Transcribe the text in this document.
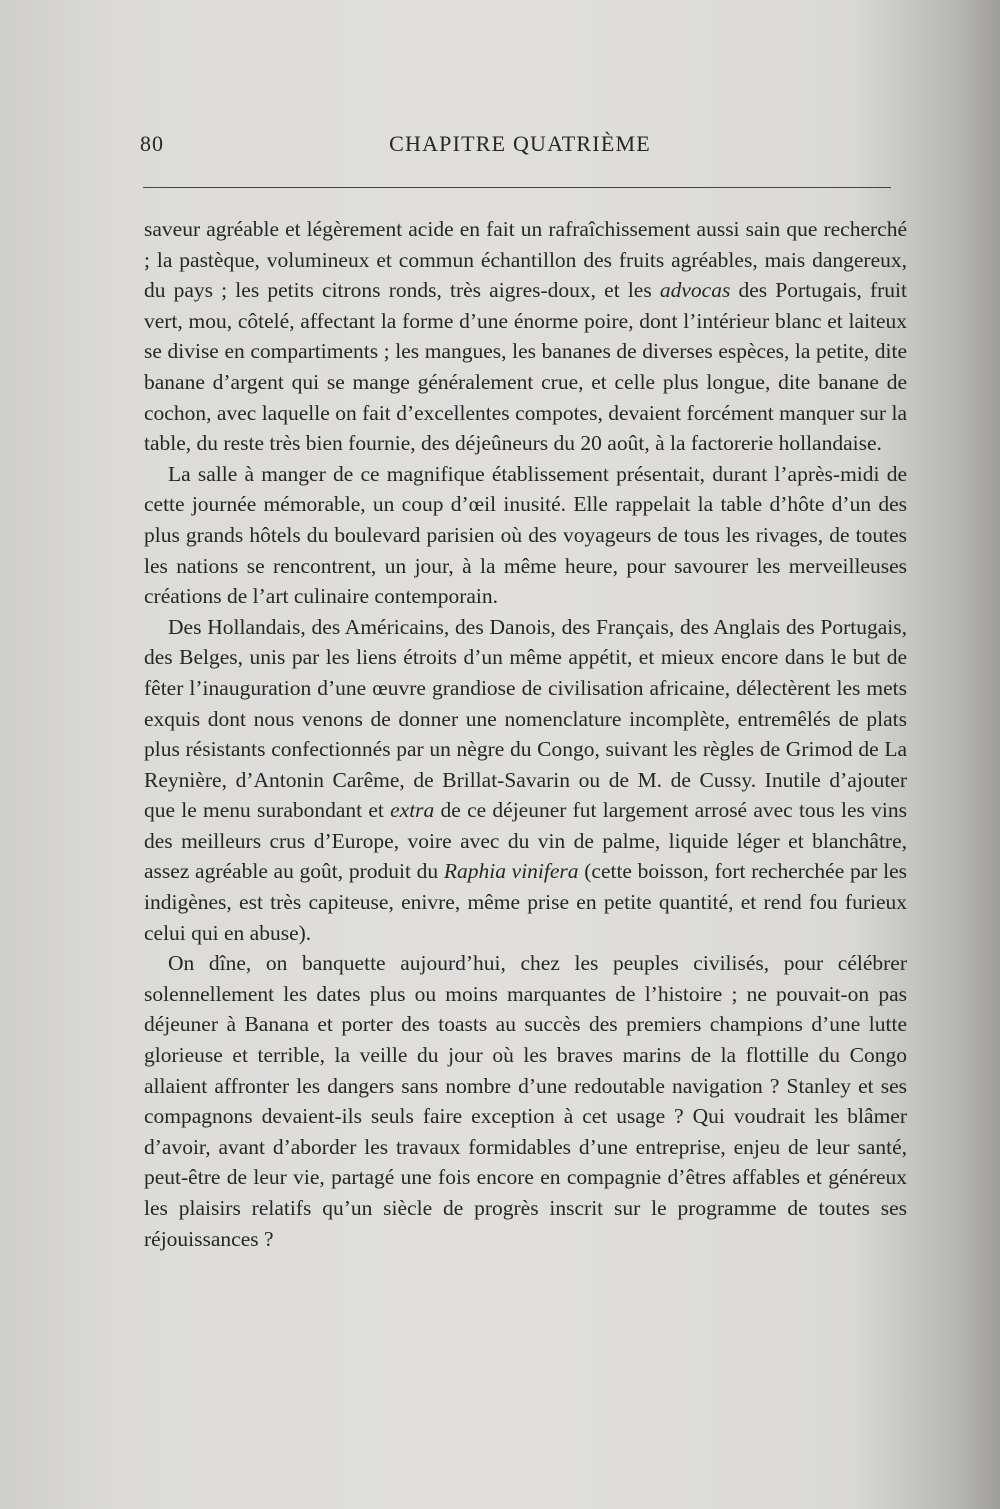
80	CHAPITRE QUATRIÈME

saveur agréable et légèrement acide en fait un rafraîchissement aussi sain que recherché ; la pastèque, volumineux et commun échantillon des fruits agréables, mais dangereux, du pays ; les petits citrons ronds, très aigres-doux, et les advocas des Portugais, fruit vert, mou, côtelé, affectant la forme d’une énorme poire, dont l’intérieur blanc et laiteux se divise en compartiments ; les mangues, les bananes de diverses espèces, la petite, dite banane d’argent qui se mange généralement crue, et celle plus longue, dite banane de cochon, avec laquelle on fait d’excellentes compotes, devaient forcément manquer sur la table, du reste très bien fournie, des déjeûneurs du 20 août, à la factorerie hollandaise.

La salle à manger de ce magnifique établissement présentait, durant l’après-midi de cette journée mémorable, un coup d’œil inusité. Elle rappelait la table d’hôte d’un des plus grands hôtels du boulevard parisien où des voyageurs de tous les rivages, de toutes les nations se rencontrent, un jour, à la même heure, pour savourer les merveilleuses créations de l’art culinaire contemporain.

Des Hollandais, des Américains, des Danois, des Français, des Anglais des Portugais, des Belges, unis par les liens étroits d’un même appétit, et mieux encore dans le but de fêter l’inauguration d’une œuvre grandiose de civilisation africaine, délectèrent les mets exquis dont nous venons de donner une nomenclature incomplète, entremêlés de plats plus résistants confectionnés par un nègre du Congo, suivant les règles de Grimod de La Reynière, d’Antonin Carême, de Brillat-Savarin ou de M. de Cussy. Inutile d’ajouter que le menu surabondant et extra de ce déjeuner fut largement arrosé avec tous les vins des meilleurs crus d’Europe, voire avec du vin de palme, liquide léger et blanchâtre, assez agréable au goût, produit du Raphia vinifera (cette boisson, fort recherchée par les indigènes, est très capiteuse, enivre, même prise en petite quantité, et rend fou furieux celui qui en abuse).

On dîne, on banquette aujourd’hui, chez les peuples civilisés, pour célébrer solennellement les dates plus ou moins marquantes de l’histoire ; ne pouvait-on pas déjeuner à Banana et porter des toasts au succès des premiers champions d’une lutte glorieuse et terrible, la veille du jour où les braves marins de la flottille du Congo allaient affronter les dangers sans nombre d’une redoutable navigation ? Stanley et ses compagnons devaient-ils seuls faire exception à cet usage ? Qui voudrait les blâmer d’avoir, avant d’aborder les travaux formidables d’une entreprise, enjeu de leur santé, peut-être de leur vie, partagé une fois encore en compagnie d’êtres affables et généreux les plaisirs relatifs qu’un siècle de progrès inscrit sur le programme de toutes ses réjouissances ?
